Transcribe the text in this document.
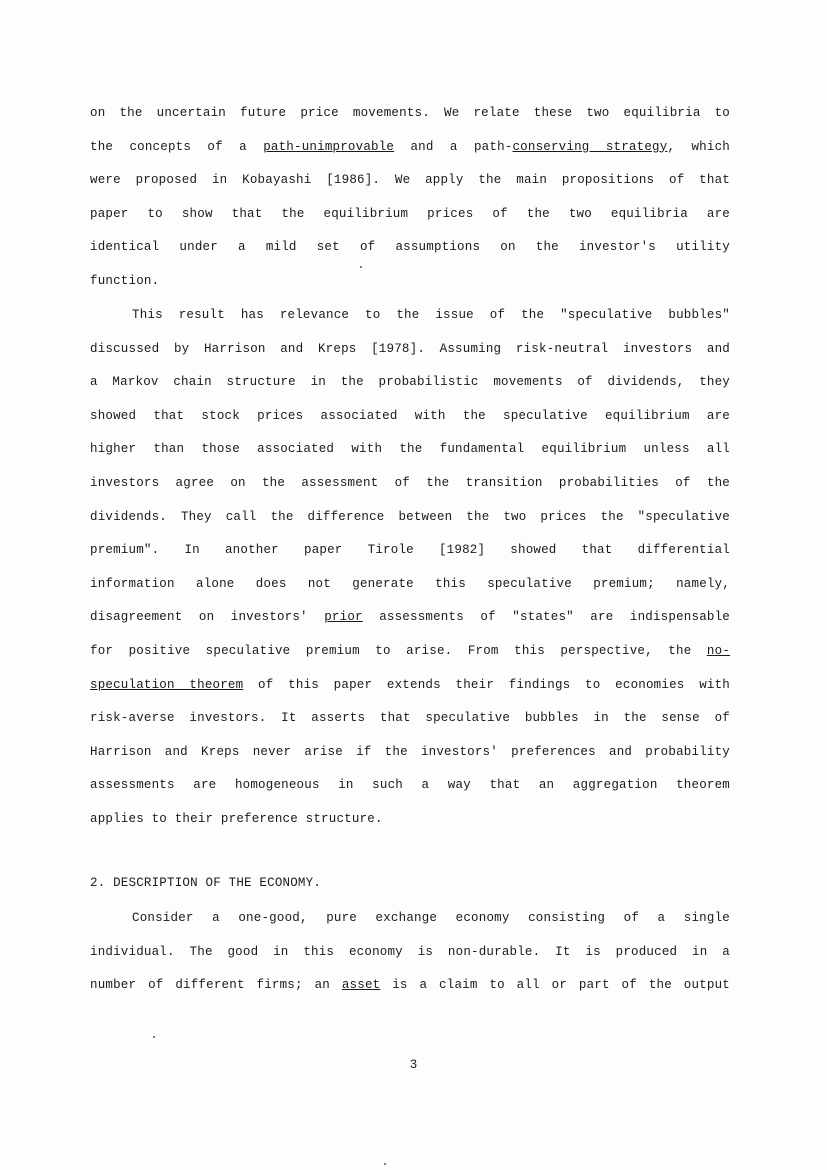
on the uncertain future price movements. We relate these two equilibria to
the concepts of a path-unimprovable and a path-conserving strategy, which
were proposed in Kobayashi [1986]. We apply the main propositions of that
paper to show that the equilibrium prices of the two equilibria are
identical under a mild set of assumptions on the investor's utility
function.
This result has relevance to the issue of the "speculative bubbles"
discussed by Harrison and Kreps [1978]. Assuming risk-neutral investors and
a Markov chain structure in the probabilistic movements of dividends, they
showed that stock prices associated with the speculative equilibrium are
higher than those associated with the fundamental equilibrium unless all
investors agree on the assessment of the transition probabilities of the
dividends. They call the difference between the two prices the "speculative
premium". In another paper Tirole [1982] showed that differential
information alone does not generate this speculative premium; namely,
disagreement on investors' prior assessments of "states" are indispensable
for positive speculative premium to arise. From this perspective, the no-
speculation theorem of this paper extends their findings to economies with
risk-averse investors. It asserts that speculative bubbles in the sense of
Harrison and Kreps never arise if the investors' preferences and probability
assessments are homogeneous in such a way that an aggregation theorem
applies to their preference structure.
2. DESCRIPTION OF THE ECONOMY.
Consider a one-good, pure exchange economy consisting of a single
individual. The good in this economy is non-durable. It is produced in a
number of different firms; an asset is a claim to all or part of the output
3
